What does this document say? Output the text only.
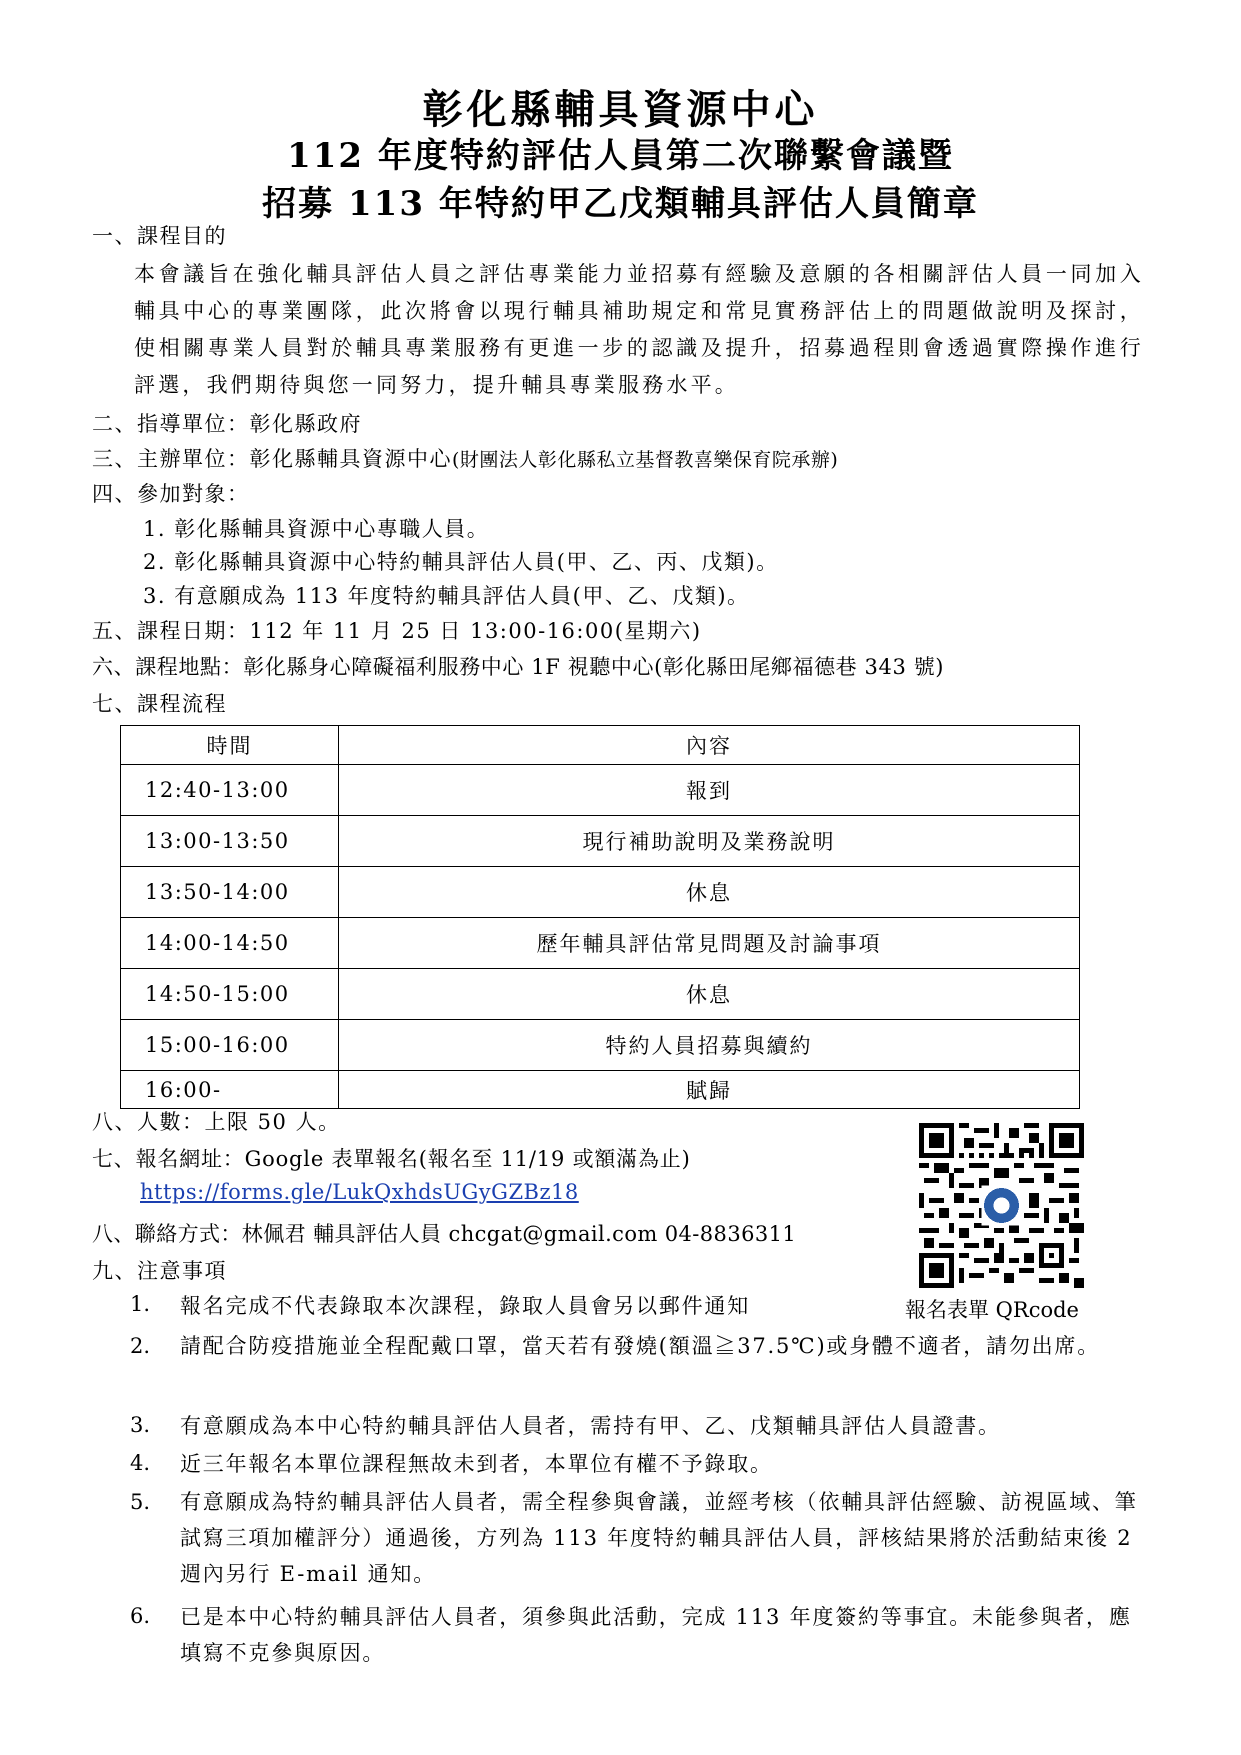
彰化縣輔具資源中心
112 年度特約評估人員第二次聯繫會議暨
招募 113 年特約甲乙戊類輔具評估人員簡章
一、課程目的
本會議旨在強化輔具評估人員之評估專業能力並招募有經驗及意願的各相關評估人員一同加入輔具中心的專業團隊，此次將會以現行輔具補助規定和常見實務評估上的問題做說明及探討，使相關專業人員對於輔具專業服務有更進一步的認識及提升，招募過程則會透過實際操作進行評選，我們期待與您一同努力，提升輔具專業服務水平。
二、指導單位：彰化縣政府
三、主辦單位：彰化縣輔具資源中心(財團法人彰化縣私立基督教喜樂保育院承辦)
四、參加對象：
1. 彰化縣輔具資源中心專職人員。
2. 彰化縣輔具資源中心特約輔具評估人員(甲、乙、丙、戊類)。
3. 有意願成為 113 年度特約輔具評估人員(甲、乙、戊類)。
五、課程日期：112 年 11 月 25 日 13:00-16:00(星期六)
六、課程地點：彰化縣身心障礙福利服務中心 1F 視聽中心(彰化縣田尾鄉福德巷 343 號)
七、課程流程
時間	內容
12:40-13:00	報到
13:00-13:50	現行補助說明及業務說明
13:50-14:00	休息
14:00-14:50	歷年輔具評估常見問題及討論事項
14:50-15:00	休息
15:00-16:00	特約人員招募與續約
16:00-	賦歸
八、人數：上限 50 人。
七、報名網址：Google 表單報名(報名至 11/19 或額滿為止)
https://forms.gle/LukQxhdsUGyGZBz18
八、聯絡方式：林佩君 輔具評估人員 chcgat@gmail.com 04-8836311
九、注意事項
報名表單 QRcode
1. 報名完成不代表錄取本次課程，錄取人員會另以郵件通知
2. 請配合防疫措施並全程配戴口罩，當天若有發燒(額溫≧37.5℃)或身體不適者，請勿出席。
3. 有意願成為本中心特約輔具評估人員者，需持有甲、乙、戊類輔具評估人員證書。
4. 近三年報名本單位課程無故未到者，本單位有權不予錄取。
5. 有意願成為特約輔具評估人員者，需全程參與會議，並經考核（依輔具評估經驗、訪視區域、筆試寫三項加權評分）通過後，方列為 113 年度特約輔具評估人員，評核結果將於活動結束後 2 週內另行 E-mail 通知。
6. 已是本中心特約輔具評估人員者，須參與此活動，完成 113 年度簽約等事宜。未能參與者，應填寫不克參與原因。
